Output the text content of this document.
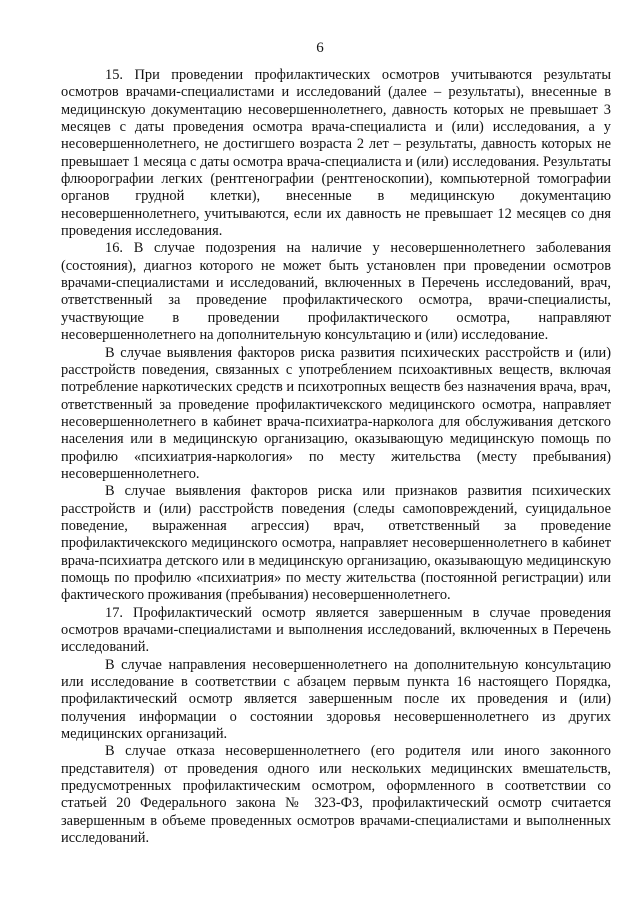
6

15. При проведении профилактических осмотров учитываются результаты осмотров врачами-специалистами и исследований (далее – результаты), внесенные в медицинскую документацию несовершеннолетнего, давность которых не превышает 3 месяцев с даты проведения осмотра врача-специалиста и (или) исследования, а у несовершеннолетнего, не достигшего возраста 2 лет – результаты, давность которых не превышает 1 месяца с даты осмотра врача-специалиста и (или) исследования. Результаты флюорографии легких (рентгенографии (рентгеноскопии), компьютерной томографии органов грудной клетки), внесенные в медицинскую документацию несовершеннолетнего, учитываются, если их давность не превышает 12 месяцев со дня проведения исследования.

16. В случае подозрения на наличие у несовершеннолетнего заболевания (состояния), диагноз которого не может быть установлен при проведении осмотров врачами-специалистами и исследований, включенных в Перечень исследований, врач, ответственный за проведение профилактического осмотра, врачи-специалисты, участвующие в проведении профилактического осмотра, направляют несовершеннолетнего на дополнительную консультацию и (или) исследование.

В случае выявления факторов риска развития психических расстройств и (или) расстройств поведения, связанных с употреблением психоактивных веществ, включая потребление наркотических средств и психотропных веществ без назначения врача, врач, ответственный за проведение профилактичекского медицинского осмотра, направляет несовершеннолетнего в кабинет врача-психиатра-нарколога для обслуживания детского населения или в медицинскую организацию, оказывающую медицинскую помощь по профилю «психиатрия-наркология» по месту жительства (месту пребывания) несовершеннолетнего.

В случае выявления факторов риска или признаков развития психических расстройств и (или) расстройств поведения (следы самоповреждений, суицидальное поведение, выраженная агрессия) врач, ответственный за проведение профилактичекского медицинского осмотра, направляет несовершеннолетнего в кабинет врача-психиатра детского или в медицинскую организацию, оказывающую медицинскую помощь по профилю «психиатрия» по месту жительства (постоянной регистрации) или фактического проживания (пребывания) несовершеннолетнего.

17. Профилактический осмотр является завершенным в случае проведения осмотров врачами-специалистами и выполнения исследований, включенных в Перечень исследований.

В случае направления несовершеннолетнего на дополнительную консультацию или исследование в соответствии с абзацем первым пункта 16 настоящего Порядка, профилактический осмотр является завершенным после их проведения и (или) получения информации о состоянии здоровья несовершеннолетнего из других медицинских организаций.

В случае отказа несовершеннолетнего (его родителя или иного законного представителя) от проведения одного или нескольких медицинских вмешательств, предусмотренных профилактическим осмотром, оформленного в соответствии со статьей 20 Федерального закона № 323-ФЗ, профилактический осмотр считается завершенным в объеме проведенных осмотров врачами-специалистами и выполненных исследований.
